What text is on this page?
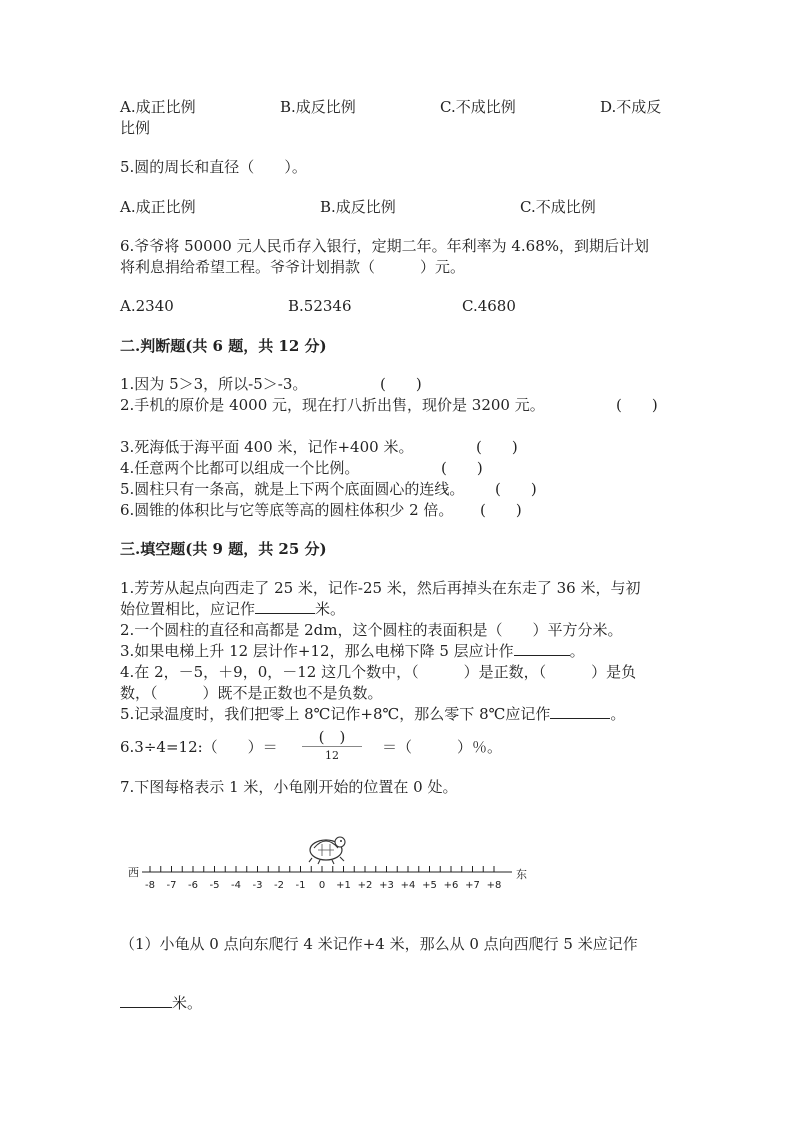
A.成正比例	B.成反比例	C.不成比例	D.不成反
比例
5.圆的周长和直径（　　）。
A.成正比例	B.成反比例	C.不成比例
6.爷爷将 50000 元人民币存入银行，定期二年。年利率为 4.68%，到期后计划
将利息捐给希望工程。爷爷计划捐款（　　　）元。
A.2340	B.52346	C.4680
二.判断题(共 6 题，共 12 分)
1.因为 5＞3，所以-5＞-3。	(　　)
2.手机的原价是 4000 元，现在打八折出售，现价是 3200 元。	(　　)
3.死海低于海平面 400 米，记作+400 米。	(　　)
4.任意两个比都可以组成一个比例。	(　　)
5.圆柱只有一条高，就是上下两个底面圆心的连线。 (　　)
6.圆锥的体积比与它等底等高的圆柱体积少 2 倍。 (　　)
三.填空题(共 9 题，共 25 分)
1.芳芳从起点向西走了 25 米，记作-25 米，然后再掉头在东走了 36 米，与初
始位置相比，应记作	米。
2.一个圆柱的直径和高都是 2dm，这个圆柱的表面积是（　　）平方分米。
3.如果电梯上升 12 层计作+12，那么电梯下降 5 层应计作	。
4.在 2，－5，＋9，0，－12 这几个数中，（　　　）是正数，（　　　）是负
数，（　　　）既不是正数也不是负数。
5.记录温度时，我们把零上 8℃记作+8℃，那么零下 8℃应记作	。
6.3÷4=12:（　　）＝
(　)
12	＝（　　　）％。
7.下图每格表示 1 米，小龟刚开始的位置在 0 处。
西	东
-8 -7 -6 -5 -4 -3 -2 -1 0 +1 +2 +3 +4 +5 +6 +7 +8
（1）小龟从 0 点向东爬行 4 米记作+4 米，那么从 0 点向西爬行 5 米应记作
米。
